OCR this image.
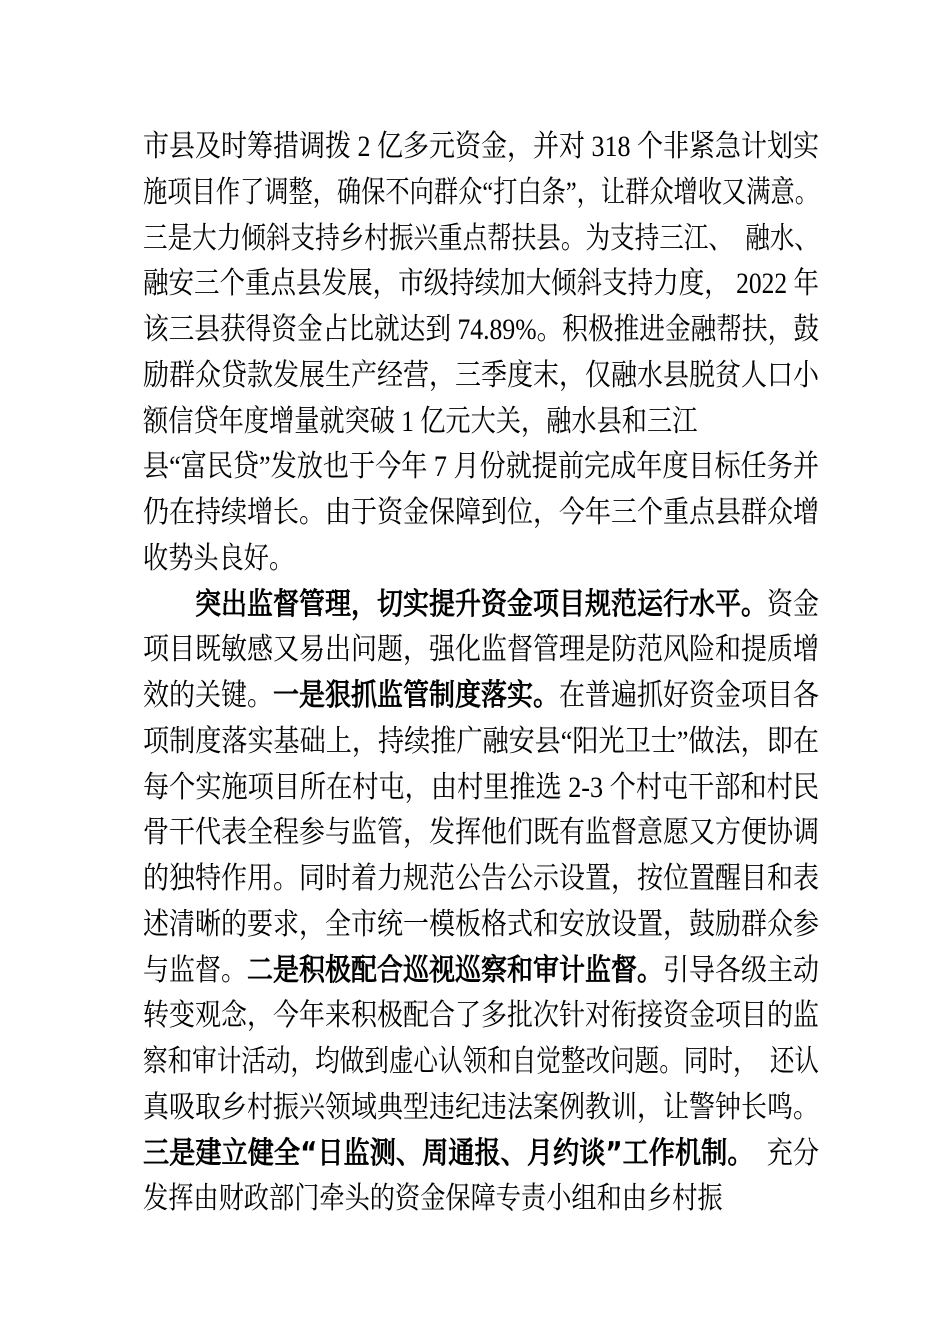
市县及时筹措调拨 2 亿多元资金，并对 318 个非紧急计划实
施项目作了调整，确保不向群众“打白条”，让群众增收又满意。
三是大力倾斜支持乡村振兴重点帮扶县。为支持三江、　融水、
融安三个重点县发展，市级持续加大倾斜支持力度， 2022 年
该三县获得资金占比就达到 74.89%。积极推进金融帮扶，鼓
励群众贷款发展生产经营，三季度末，仅融水县脱贫人口小
额信贷年度增量就突破 1 亿元大关，融水县和三江
县“富民贷”发放也于今年 7 月份就提前完成年度目标任务并
仍在持续增长。由于资金保障到位，今年三个重点县群众增
收势头良好。
　　突出监督管理，切实提升资金项目规范运行水平。资金
项目既敏感又易出问题，强化监督管理是防范风险和提质增
效的关键。一是狠抓监管制度落实。在普遍抓好资金项目各
项制度落实基础上，持续推广融安县“阳光卫士”做法，即在
每个实施项目所在村屯，由村里推选 2-3 个村屯干部和村民
骨干代表全程参与监管，发挥他们既有监督意愿又方便协调
的独特作用。同时着力规范公告公示设置，按位置醒目和表
述清晰的要求，全市统一模板格式和安放设置，鼓励群众参
与监督。二是积极配合巡视巡察和审计监督。引导各级主动
转变观念，今年来积极配合了多批次针对衔接资金项目的监
察和审计活动，均做到虚心认领和自觉整改问题。同时，　还认
真吸取乡村振兴领域典型违纪违法案例教训，让警钟长鸣。
三是建立健全“日监测、周通报、月约谈”工作机制。　充分
发挥由财政部门牵头的资金保障专责小组和由乡村振
